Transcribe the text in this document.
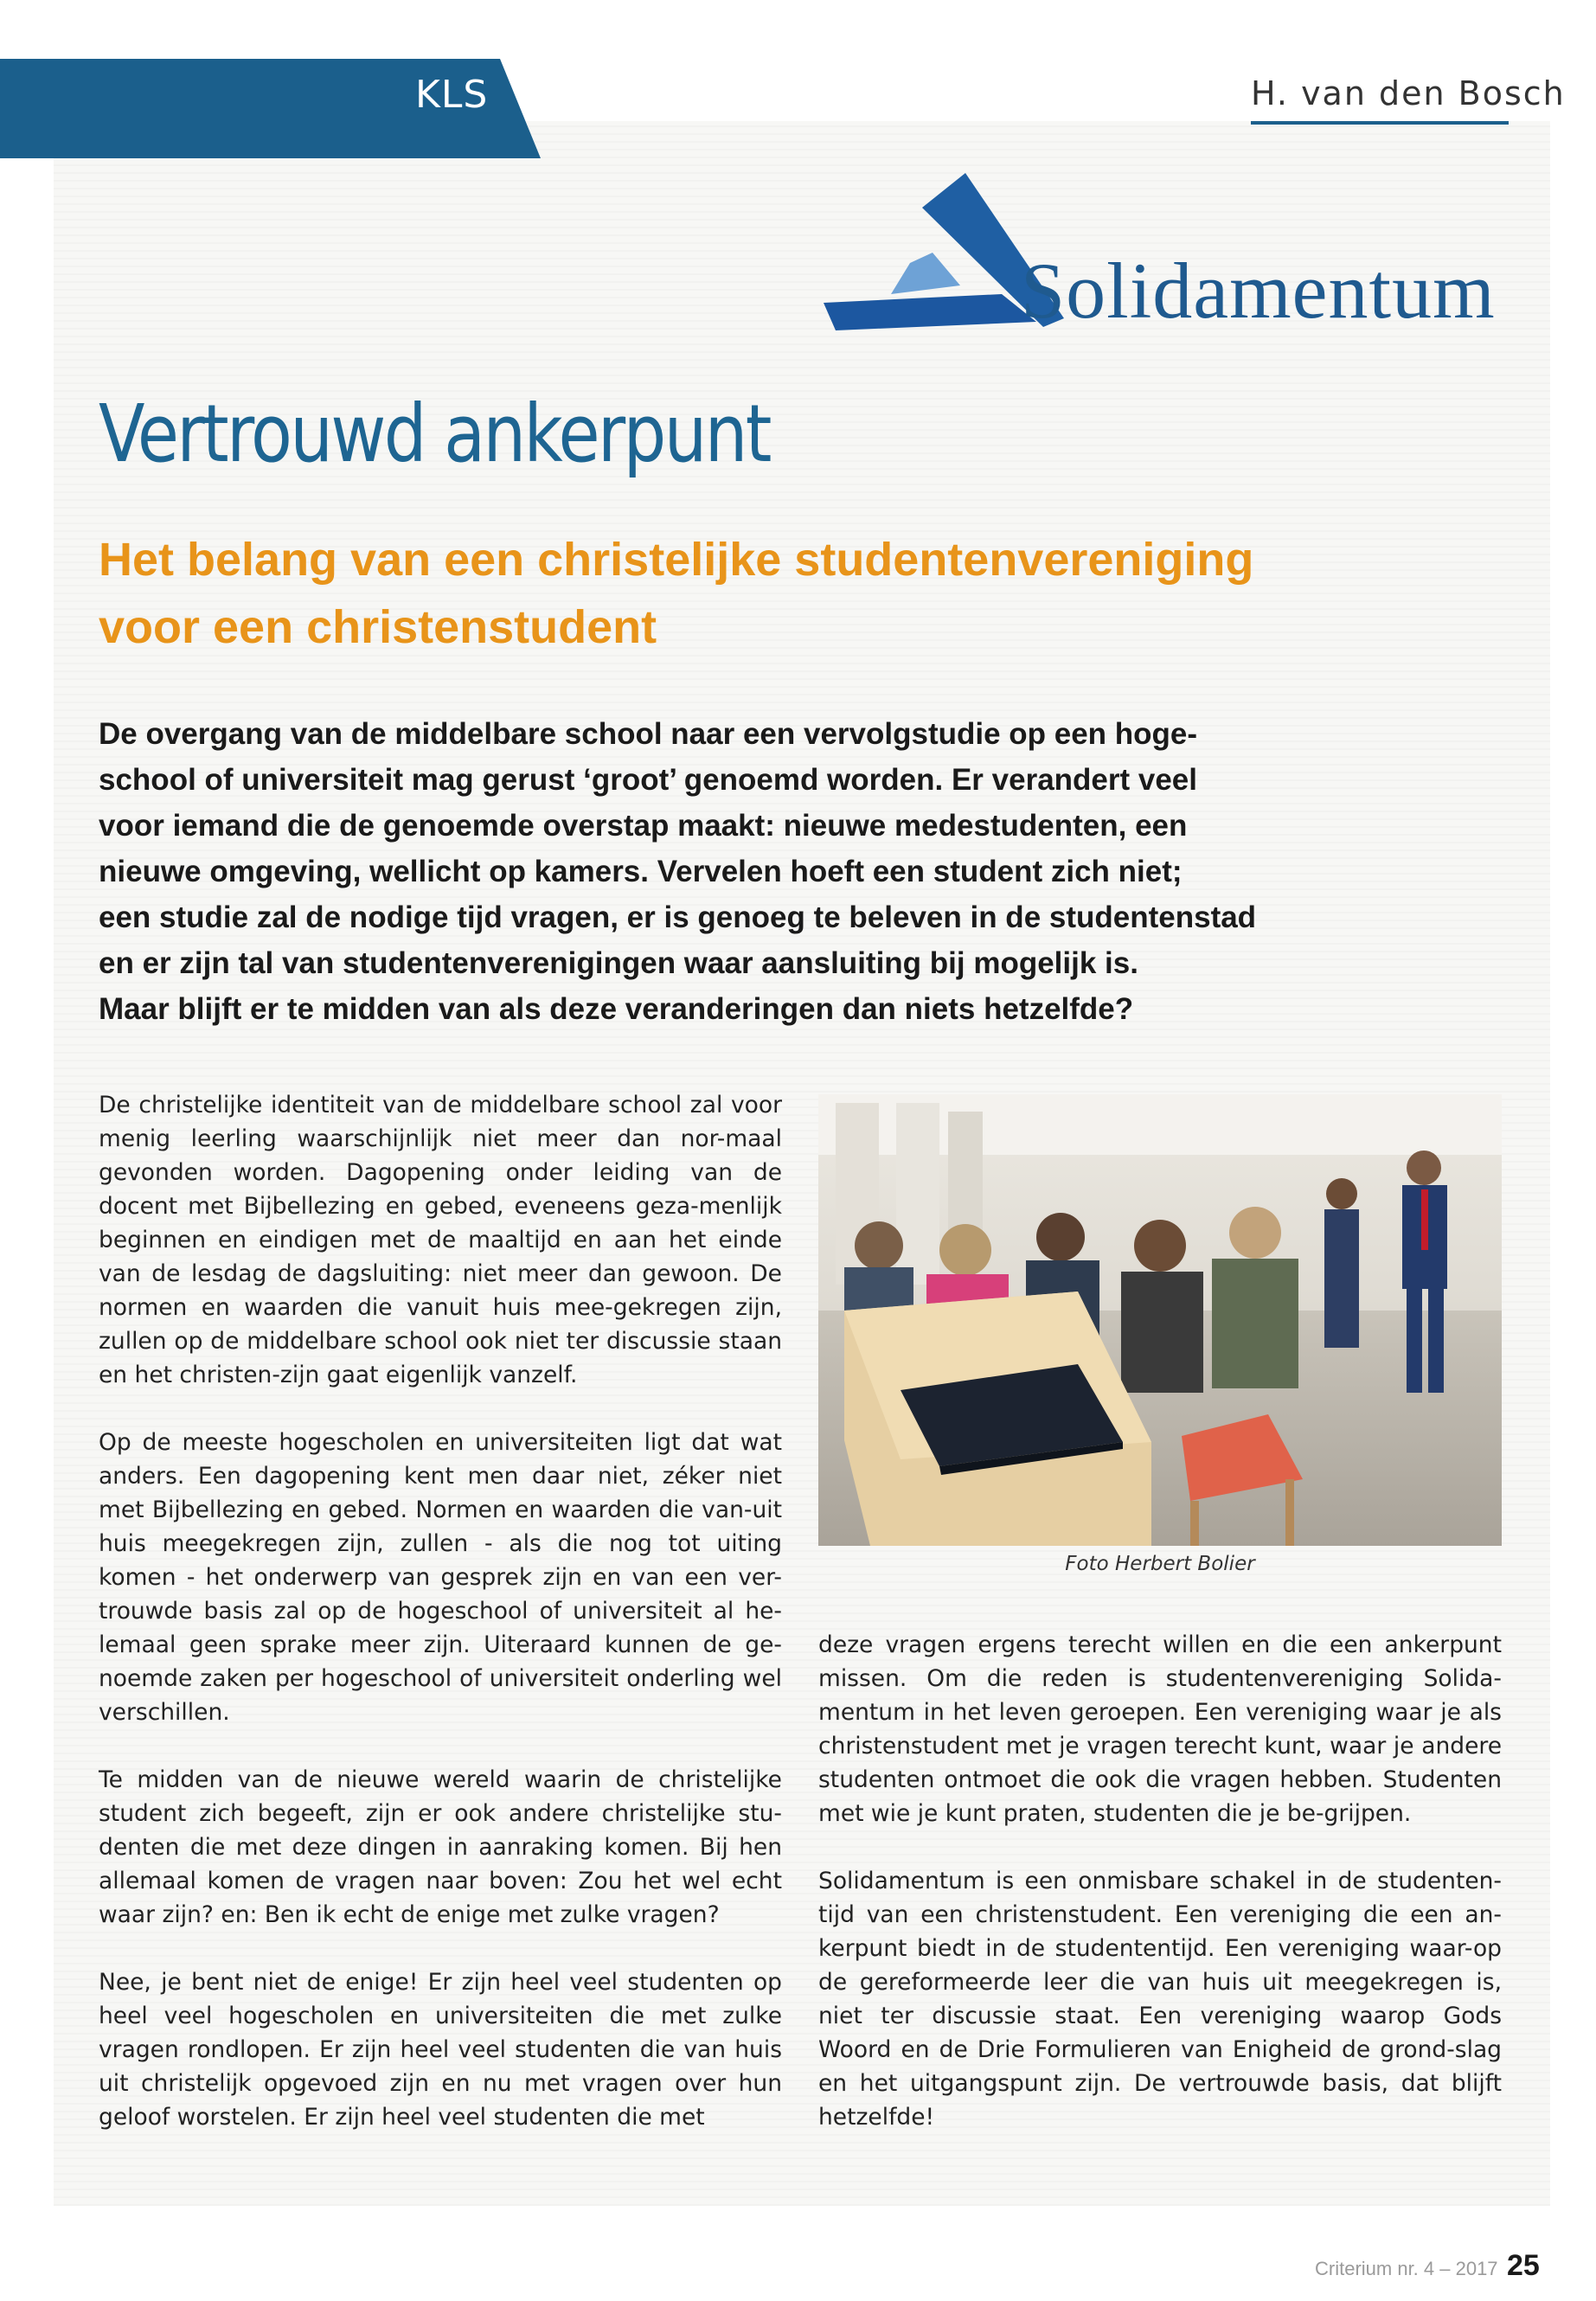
KLS	H. van den Bosch
Solidamentum
Vertrouwd ankerpunt
Het belang van een christelijke studentenvereniging
voor een christenstudent
De overgang van de middelbare school naar een vervolgstudie op een hoge-
school of universiteit mag gerust ‘groot’ genoemd worden. Er verandert veel
voor iemand die de genoemde overstap maakt: nieuwe medestudenten, een
nieuwe omgeving, wellicht op kamers. Vervelen hoeft een student zich niet;
een studie zal de nodige tijd vragen, er is genoeg te beleven in de studentenstad
en er zijn tal van studentenverenigingen waar aansluiting bij mogelijk is.
Maar blijft er te midden van als deze veranderingen dan niets hetzelfde?

De christelijke identiteit van de middelbare school zal voor menig leerling waarschijnlijk niet meer dan nor-maal gevonden worden. Dagopening onder leiding van de docent met Bijbellezing en gebed, eveneens geza-menlijk beginnen en eindigen met de maaltijd en aan het einde van de lesdag de dagsluiting: niet meer dan gewoon. De normen en waarden die vanuit huis mee-gekregen zijn, zullen op de middelbare school ook niet ter discussie staan en het christen-zijn gaat eigenlijk vanzelf.

Op de meeste hogescholen en universiteiten ligt dat wat anders. Een dagopening kent men daar niet, zéker niet met Bijbellezing en gebed. Normen en waarden die van-uit huis meegekregen zijn, zullen - als die nog tot uiting komen - het onderwerp van gesprek zijn en van een ver-trouwde basis zal op de hogeschool of universiteit al he-lemaal geen sprake meer zijn. Uiteraard kunnen de ge-noemde zaken per hogeschool of universiteit onderling wel verschillen.

Te midden van de nieuwe wereld waarin de christelijke student zich begeeft, zijn er ook andere christelijke stu-denten die met deze dingen in aanraking komen. Bij hen allemaal komen de vragen naar boven: Zou het wel echt waar zijn? en: Ben ik echt de enige met zulke vragen?

Nee, je bent niet de enige! Er zijn heel veel studenten op heel veel hogescholen en universiteiten die met zulke vragen rondlopen. Er zijn heel veel studenten die van huis uit christelijk opgevoed zijn en nu met vragen over hun geloof worstelen. Er zijn heel veel studenten die met

Foto Herbert Bolier

deze vragen ergens terecht willen en die een ankerpunt missen. Om die reden is studentenvereniging Solida-mentum in het leven geroepen. Een vereniging waar je als christenstudent met je vragen terecht kunt, waar je andere studenten ontmoet die ook die vragen hebben. Studenten met wie je kunt praten, studenten die je be-grijpen.

Solidamentum is een onmisbare schakel in de studenten-tijd van een christenstudent. Een vereniging die een an-kerpunt biedt in de studententijd. Een vereniging waar-op de gereformeerde leer die van huis uit meegekregen is, niet ter discussie staat. Een vereniging waarop Gods Woord en de Drie Formulieren van Enigheid de grond-slag en het uitgangspunt zijn. De vertrouwde basis, dat blijft hetzelfde!

Criterium nr. 4 – 2017 25
